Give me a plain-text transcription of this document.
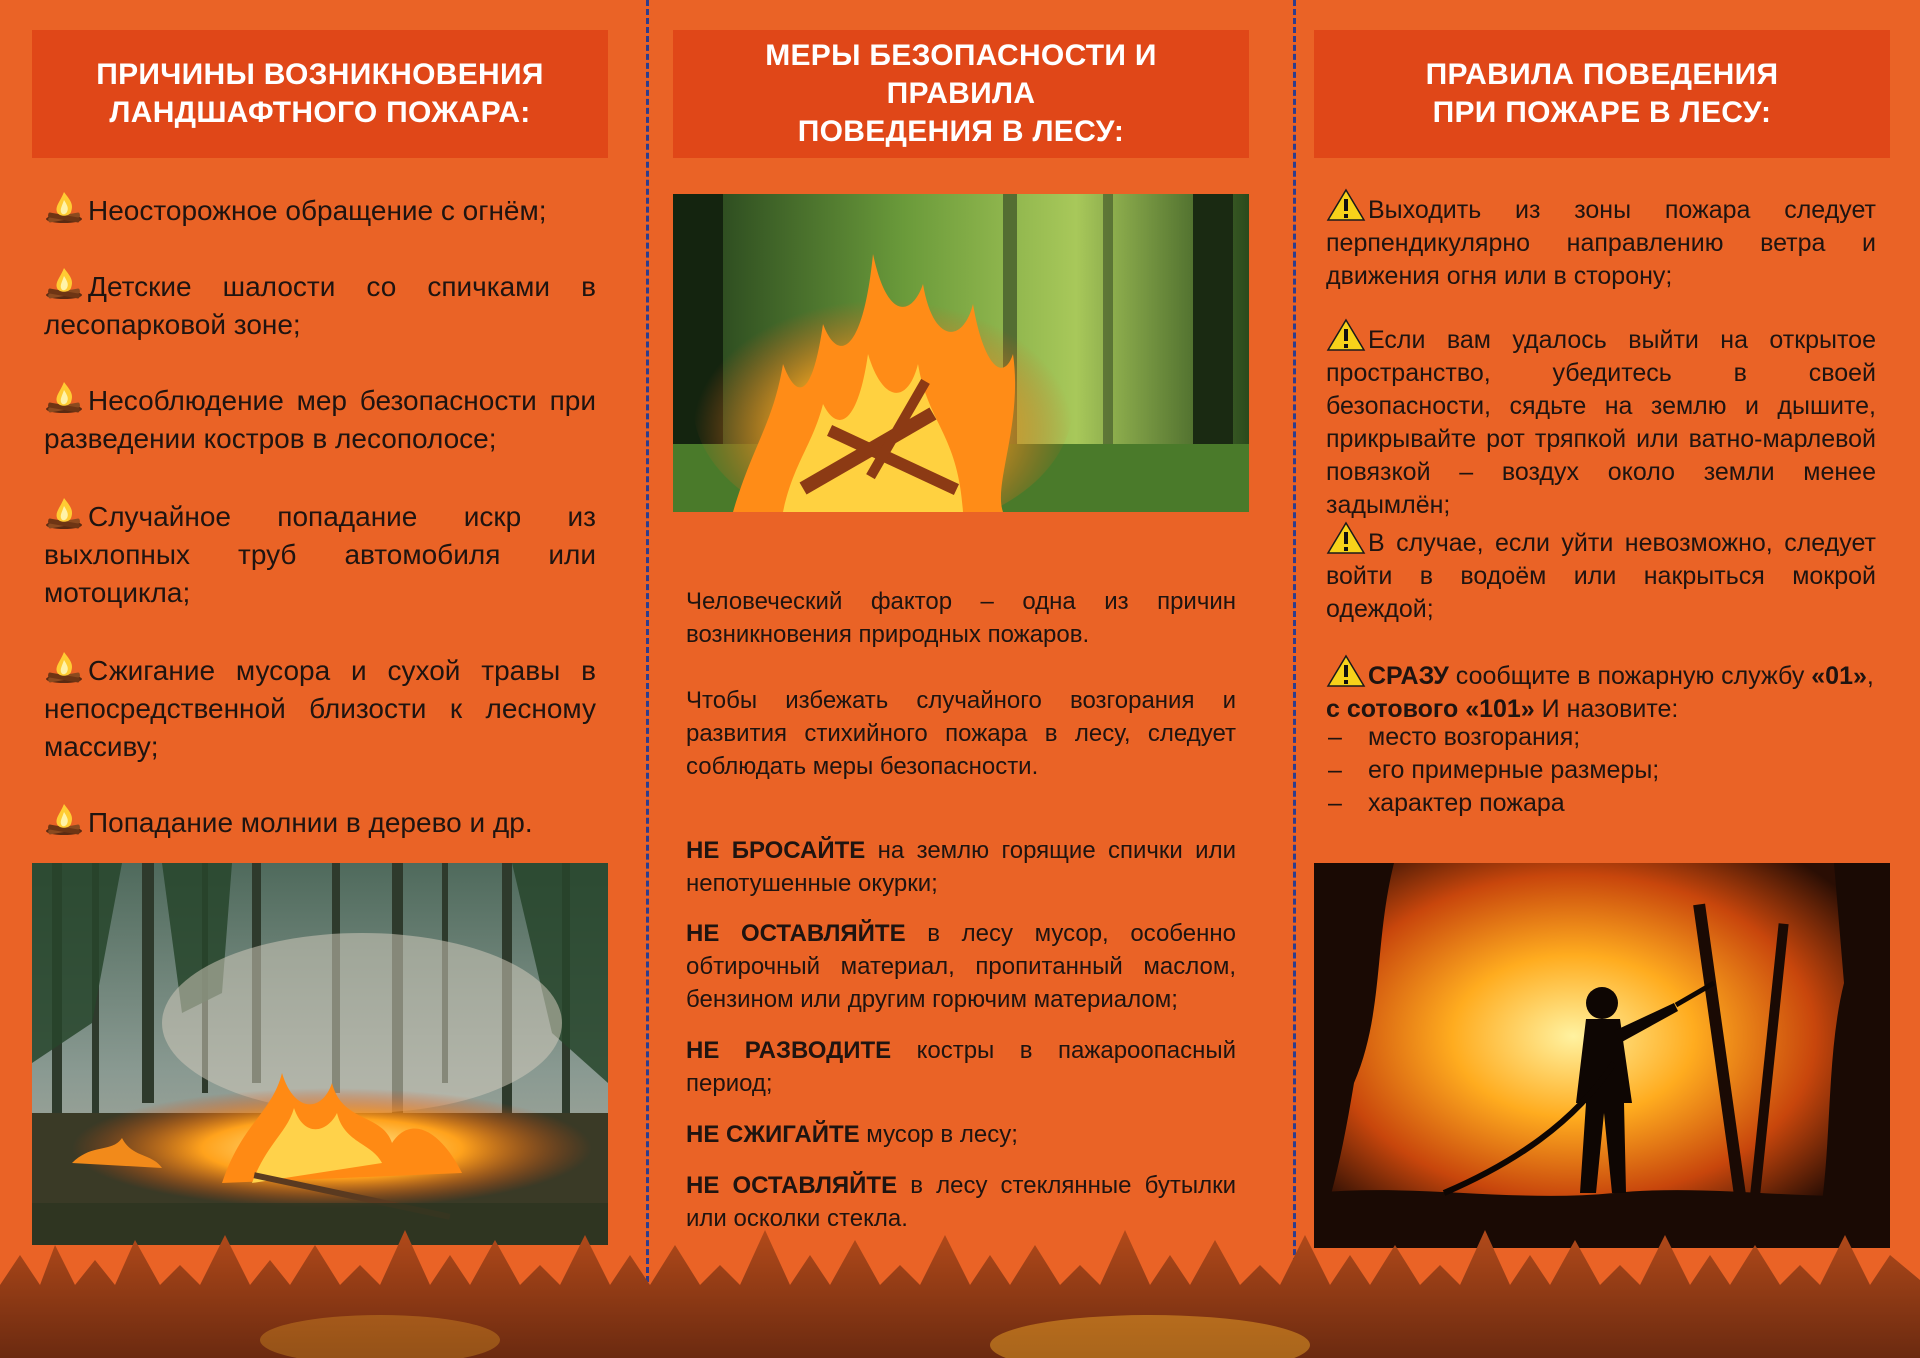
ПРИЧИНЫ ВОЗНИКНОВЕНИЯ
ЛАНДШАФТНОГО ПОЖАРА:
Неосторожное обращение с огнём;
Детские шалости со спичками в лесопарковой зоне;
Несоблюдение мер безопасности при разведении костров в лесополосе;
Случайное попадание искр из выхлопных труб автомобиля или мотоцикла;
Сжигание мусора и сухой травы в непосредственной близости к лесному массиву;
Попадание молнии в дерево и др.
МЕРЫ БЕЗОПАСНОСТИ И ПРАВИЛА
ПОВЕДЕНИЯ В ЛЕСУ:
Человеческий фактор – одна из причин возникновения природных пожаров.
Чтобы избежать случайного возгорания и развития стихийного пожара в лесу, следует соблюдать меры безопасности.
НЕ БРОСАЙТЕ на землю горящие спички или непотушенные окурки;
НЕ ОСТАВЛЯЙТЕ в лесу мусор, особенно обтирочный материал, пропитанный маслом, бензином или другим горючим материалом;
НЕ РАЗВОДИТЕ костры в пажароопасный период;
НЕ СЖИГАЙТЕ мусор в лесу;
НЕ ОСТАВЛЯЙТЕ в лесу стеклянные бутылки или осколки стекла.
ПРАВИЛА ПОВЕДЕНИЯ
ПРИ ПОЖАРЕ В ЛЕСУ:
Выходить из зоны пожара следует перпендикулярно направлению ветра и движения огня или в сторону;
Если вам удалось выйти на открытое пространство, убедитесь в своей безопасности, сядьте на землю и дышите, прикрывайте рот тряпкой или ватно-марлевой повязкой – воздух около земли менее задымлён;
В случае, если уйти невозможно, следует войти в водоём или накрыться мокрой одеждой;
СРАЗУ сообщите в пожарную службу «01»,
с сотового «101» И назовите:
– место возгорания;
– его примерные размеры;
– характер пожара
